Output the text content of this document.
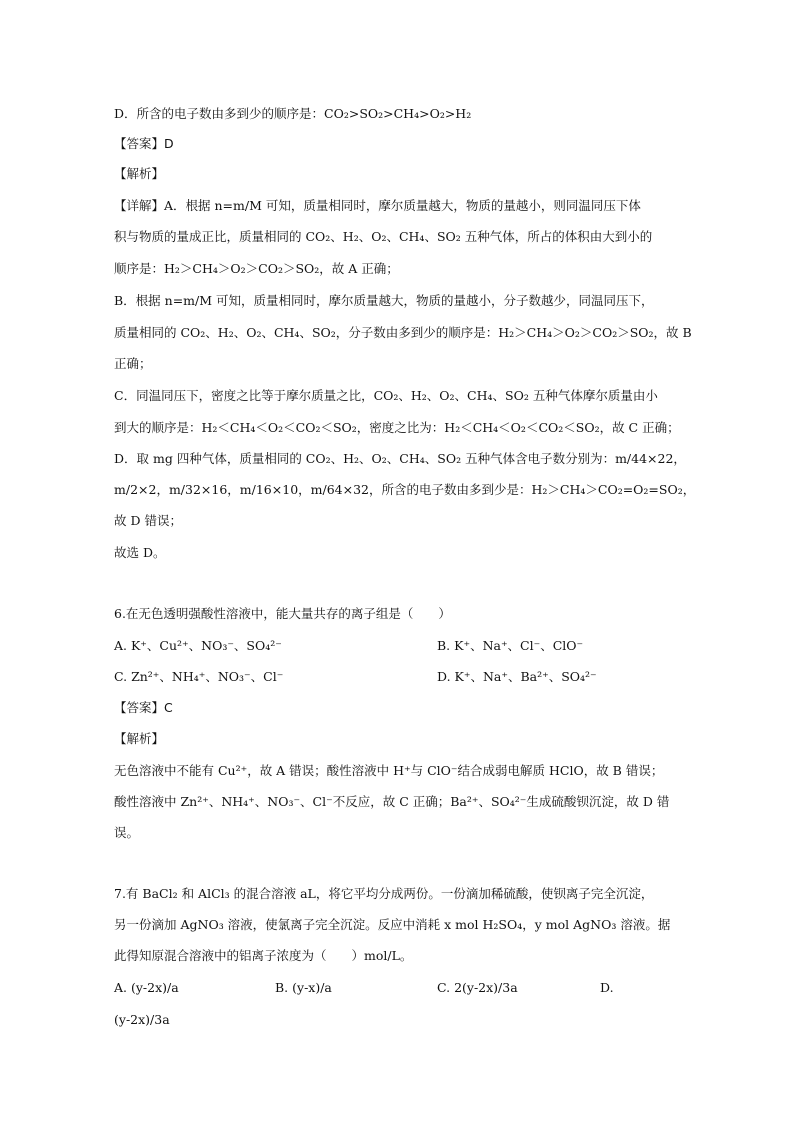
D．所含的电子数由多到少的顺序是：CO₂>SO₂>CH₄>O₂>H₂
【答案】D
【解析】
【详解】A．根据 n=m/M 可知，质量相同时，摩尔质量越大，物质的量越小，则同温同压下体
积与物质的量成正比，质量相同的 CO₂、H₂、O₂、CH₄、SO₂ 五种气体，所占的体积由大到小的
顺序是：H₂＞CH₄＞O₂＞CO₂＞SO₂，故 A 正确；
B．根据 n=m/M 可知，质量相同时，摩尔质量越大，物质的量越小，分子数越少，同温同压下，
质量相同的 CO₂、H₂、O₂、CH₄、SO₂，分子数由多到少的顺序是：H₂＞CH₄＞O₂＞CO₂＞SO₂，故 B
正确；
C．同温同压下，密度之比等于摩尔质量之比，CO₂、H₂、O₂、CH₄、SO₂ 五种气体摩尔质量由小
到大的顺序是：H₂＜CH₄＜O₂＜CO₂＜SO₂，密度之比为：H₂＜CH₄＜O₂＜CO₂＜SO₂，故 C 正确；
D．取 mg 四种气体，质量相同的 CO₂、H₂、O₂、CH₄、SO₂ 五种气体含电子数分别为：m/44×22，
m/2×2，m/32×16，m/16×10，m/64×32，所含的电子数由多到少是：H₂＞CH₄＞CO₂=O₂=SO₂，
故 D 错误；
故选 D。
6.在无色透明强酸性溶液中，能大量共存的离子组是（　　）
A. K⁺、Cu²⁺、NO₃⁻、SO₄²⁻	B. K⁺、Na⁺、Cl⁻、ClO⁻
C. Zn²⁺、NH₄⁺、NO₃⁻、Cl⁻	D. K⁺、Na⁺、Ba²⁺、SO₄²⁻
【答案】C
【解析】
无色溶液中不能有 Cu²⁺，故 A 错误；酸性溶液中 H⁺与 ClO⁻结合成弱电解质 HClO，故 B 错误；
酸性溶液中 Zn²⁺、NH₄⁺、NO₃⁻、Cl⁻不反应，故 C 正确；Ba²⁺、SO₄²⁻生成硫酸钡沉淀，故 D 错
误。
7.有 BaCl₂ 和 AlCl₃ 的混合溶液 aL，将它平均分成两份。一份滴加稀硫酸，使钡离子完全沉淀，
另一份滴加 AgNO₃ 溶液，使氯离子完全沉淀。反应中消耗 x mol H₂SO₄，y mol AgNO₃ 溶液。据
此得知原混合溶液中的铝离子浓度为（　　）mol/L。
A. (y-2x)/a	B. (y-x)/a	C. 2(y-2x)/3a	D.
(y-2x)/3a
